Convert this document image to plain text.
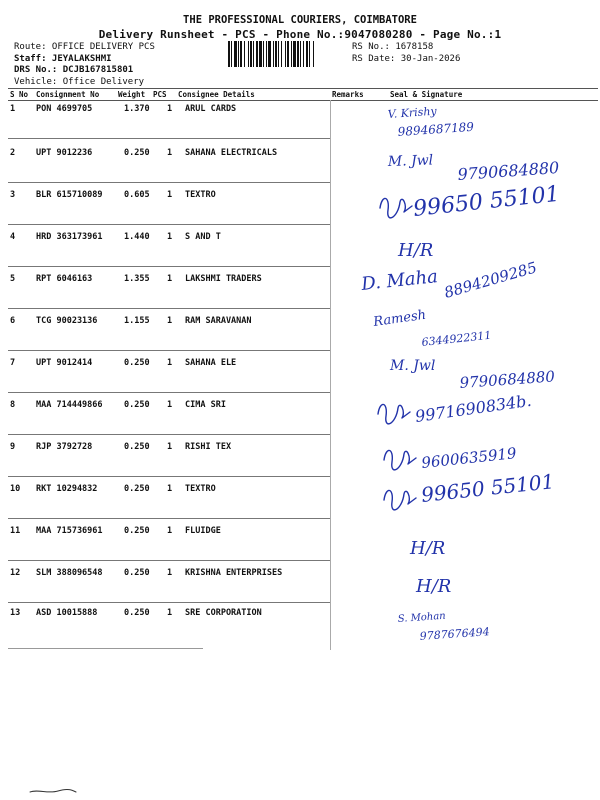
THE PROFESSIONAL COURIERS, COIMBATORE
Delivery Runsheet - PCS - Phone No.:9047080280 - Page No.:1
Route: OFFICE DELIVERY PCS
Staff: JEYALAKSHMI
DRS No.: DCJB167815801
Vehicle: Office Delivery
RS No.: 1678158
RS Date: 30-Jan-2026
S No Consignment No	Weight PCS Consignee Details	Remarks	Seal & Signature
1 PON 4699705	1.370 1 ARUL CARDS
2 UPT 9012236	0.250 1 SAHANA ELECTRICALS
3 BLR 615710089	0.605 1 TEXTRO
4 HRD 363173961	1.440 1 S AND T
5 RPT 6046163	1.355 1 LAKSHMI TRADERS
6 TCG 90023136	1.155 1 RAM SARAVANAN
7 UPT 9012414	0.250 1 SAHANA ELE
8 MAA 714449866	0.250 1 CIMA SRI
9 RJP 3792728	0.250 1 RISHI TEX
10 RKT 10294832	0.250 1 TEXTRO
11 MAA 715736961	0.250 1 FLUIDGE
12 SLM 388096548	0.250 1 KRISHNA ENTERPRISES
13 ASD 10015888	0.250 1 SRE CORPORATION
V. Krishy
9894687189
M. Jwl 9790684880
99650 55101
H/R
D. Maha 8894209285
Ramesh
6344922311
M. Jwl
9790684880
9971690834b.
9600635919
99650 55101
H/R
H/R
S. Mohan
9787676494
